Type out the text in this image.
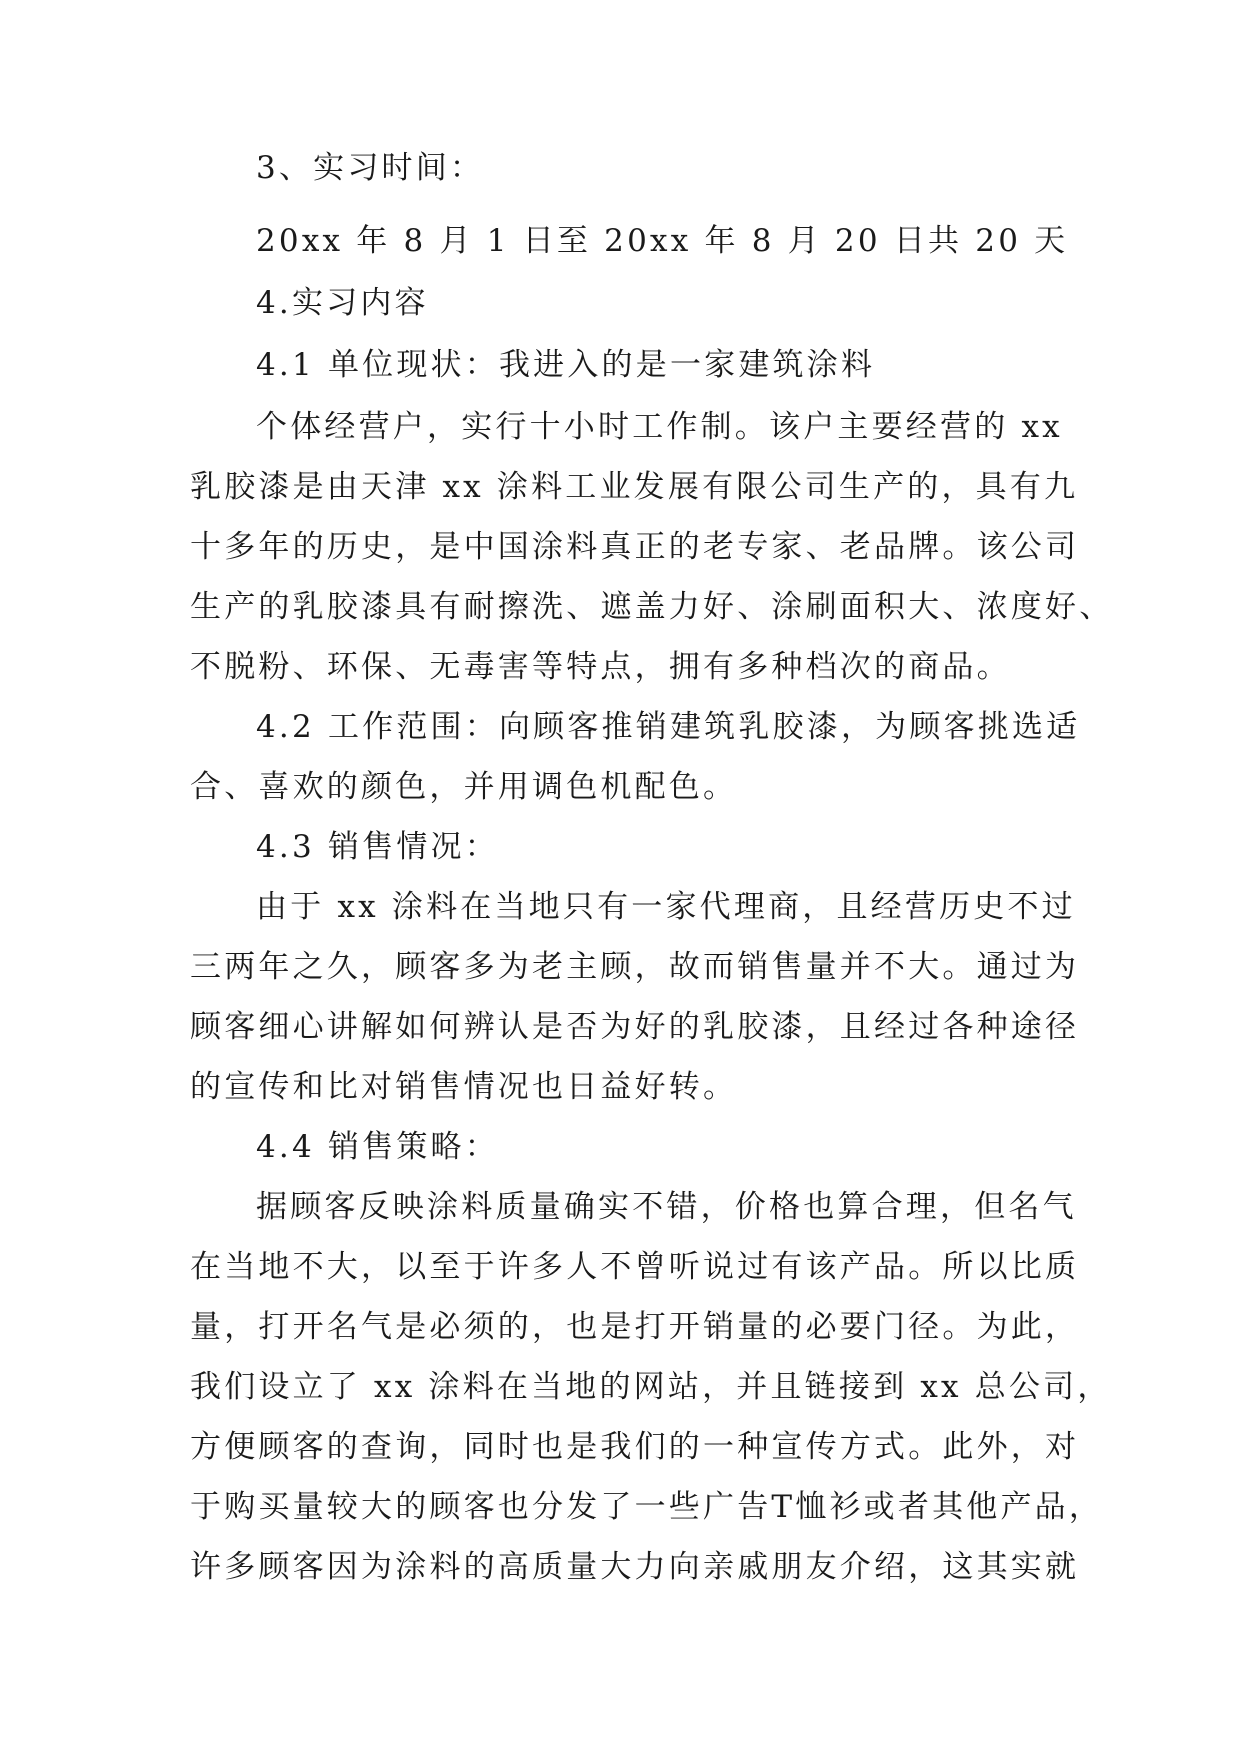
3、实习时间：
20xx 年 8 月 1 日至 20xx 年 8 月 20 日共 20 天
4.实习内容
4.1 单位现状：我进入的是一家建筑涂料
个体经营户，实行十小时工作制。该户主要经营的 xx
乳胶漆是由天津 xx 涂料工业发展有限公司生产的，具有九
十多年的历史，是中国涂料真正的老专家、老品牌。该公司
生产的乳胶漆具有耐擦洗、遮盖力好、涂刷面积大、浓度好、
不脱粉、环保、无毒害等特点，拥有多种档次的商品。
4.2 工作范围：向顾客推销建筑乳胶漆，为顾客挑选适
合、喜欢的颜色，并用调色机配色。
4.3 销售情况：
由于 xx 涂料在当地只有一家代理商，且经营历史不过
三两年之久，顾客多为老主顾，故而销售量并不大。通过为
顾客细心讲解如何辨认是否为好的乳胶漆，且经过各种途径
的宣传和比对销售情况也日益好转。
4.4 销售策略：
据顾客反映涂料质量确实不错，价格也算合理，但名气
在当地不大，以至于许多人不曾听说过有该产品。所以比质
量，打开名气是必须的，也是打开销量的必要门径。为此，
我们设立了 xx 涂料在当地的网站，并且链接到 xx 总公司，
方便顾客的查询，同时也是我们的一种宣传方式。此外，对
于购买量较大的顾客也分发了一些广告T恤衫或者其他产品，
许多顾客因为涂料的高质量大力向亲戚朋友介绍，这其实就
